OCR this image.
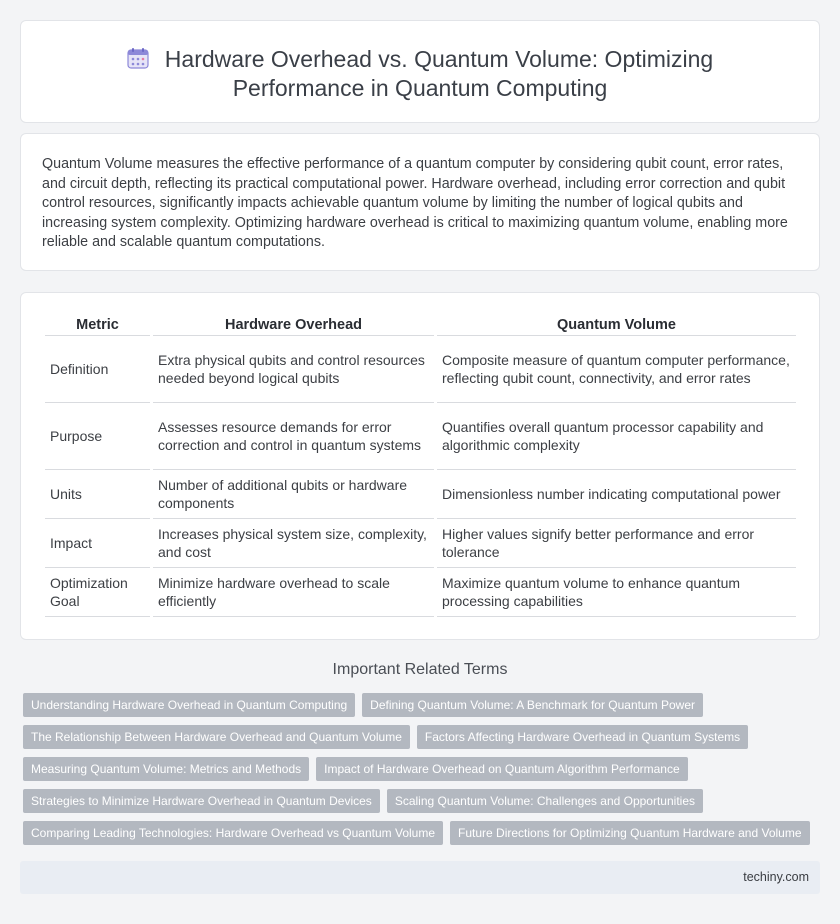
Hardware Overhead vs. Quantum Volume: Optimizing
Performance in Quantum Computing

Quantum Volume measures the effective performance of a quantum computer by considering qubit count, error rates, and circuit depth, reflecting its practical computational power. Hardware overhead, including error correction and qubit control resources, significantly impacts achievable quantum volume by limiting the number of logical qubits and increasing system complexity. Optimizing hardware overhead is critical to maximizing quantum volume, enabling more reliable and scalable quantum computations.

Metric	Hardware Overhead	Quantum Volume
Definition	Extra physical qubits and control resources needed beyond logical qubits	Composite measure of quantum computer performance, reflecting qubit count, connectivity, and error rates
Purpose	Assesses resource demands for error correction and control in quantum systems	Quantifies overall quantum processor capability and algorithmic complexity
Units	Number of additional qubits or hardware components	Dimensionless number indicating computational power
Impact	Increases physical system size, complexity, and cost	Higher values signify better performance and error tolerance
Optimization Goal	Minimize hardware overhead to scale efficiently	Maximize quantum volume to enhance quantum processing capabilities
Important Related Terms
Understanding Hardware Overhead in Quantum Computing	Defining Quantum Volume: A Benchmark for Quantum Power
The Relationship Between Hardware Overhead and Quantum Volume	Factors Affecting Hardware Overhead in Quantum Systems
Measuring Quantum Volume: Metrics and Methods	Impact of Hardware Overhead on Quantum Algorithm Performance
Strategies to Minimize Hardware Overhead in Quantum Devices	Scaling Quantum Volume: Challenges and Opportunities
Comparing Leading Technologies: Hardware Overhead vs Quantum Volume	Future Directions for Optimizing Quantum Hardware and Volume
techiny.com
